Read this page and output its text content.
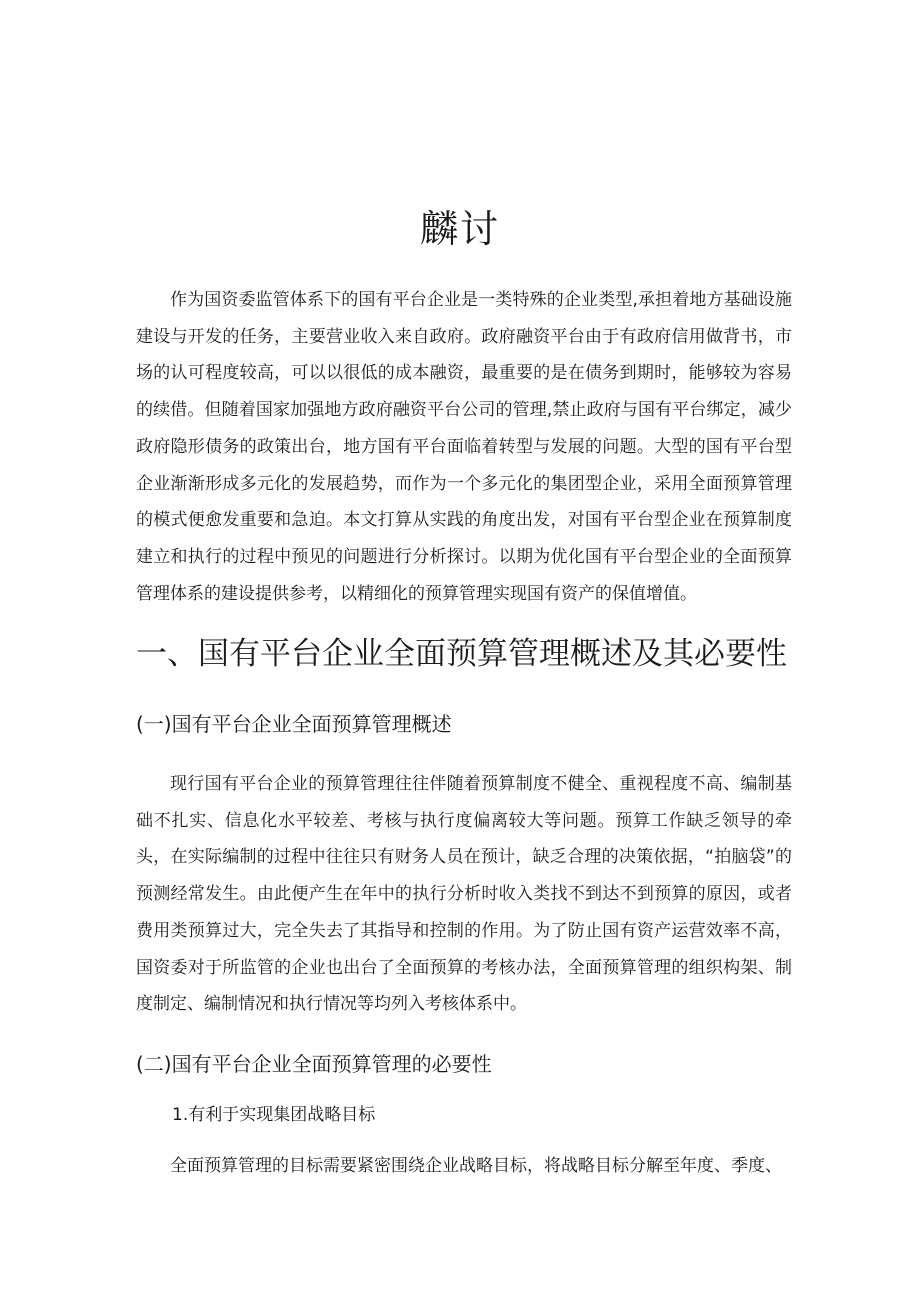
麟讨

作为国资委监管体系下的国有平台企业是一类特殊的企业类型,承担着地方基础设施建设与开发的任务，主要营业收入来自政府。政府融资平台由于有政府信用做背书，市场的认可程度较高，可以以很低的成本融资，最重要的是在债务到期时，能够较为容易的续借。但随着国家加强地方政府融资平台公司的管理,禁止政府与国有平台绑定，减少政府隐形债务的政策出台，地方国有平台面临着转型与发展的问题。大型的国有平台型企业渐渐形成多元化的发展趋势，而作为一个多元化的集团型企业，采用全面预算管理的模式便愈发重要和急迫。本文打算从实践的角度出发，对国有平台型企业在预算制度建立和执行的过程中预见的问题进行分析探讨。以期为优化国有平台型企业的全面预算管理体系的建设提供参考，以精细化的预算管理实现国有资产的保值增值。

一、国有平台企业全面预算管理概述及其必要性
(一)国有平台企业全面预算管理概述

现行国有平台企业的预算管理往往伴随着预算制度不健全、重视程度不高、编制基础不扎实、信息化水平较差、考核与执行度偏离较大等问题。预算工作缺乏领导的牵头，在实际编制的过程中往往只有财务人员在预计，缺乏合理的决策依据，“拍脑袋”的预测经常发生。由此便产生在年中的执行分析时收入类找不到达不到预算的原因，或者费用类预算过大，完全失去了其指导和控制的作用。为了防止国有资产运营效率不高，国资委对于所监管的企业也出台了全面预算的考核办法，全面预算管理的组织构架、制度制定、编制情况和执行情况等均列入考核体系中。

(二)国有平台企业全面预算管理的必要性
1.有利于实现集团战略目标

全面预算管理的目标需要紧密围绕企业战略目标，将战略目标分解至年度、季度、
